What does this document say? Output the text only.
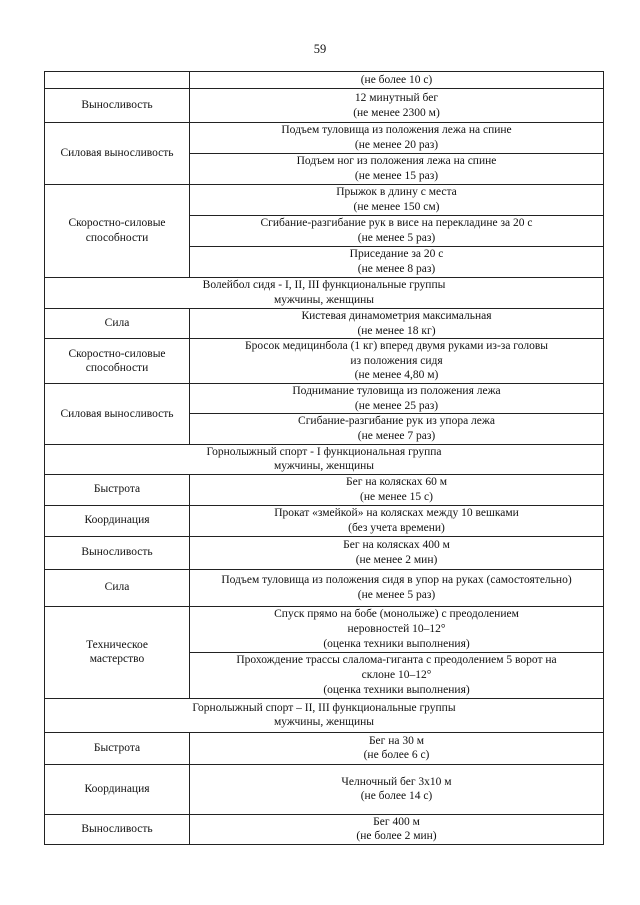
59

	(не более 10 с)

Выносливость	12 минутный бег
(не менее 2300 м)

Силовая выносливость	Подъем туловища из положения лежа на спине
(не менее 20 раз)

	Подъем ног из положения лежа на спине
(не менее 15 раз)

Скоростно-силовые
способности	Прыжок в длину с места
(не менее 150 см)

	Сгибание-разгибание рук в висе на перекладине за 20 с
(не менее 5 раз)

	Приседание за 20 с
(не менее 8 раз)

Волейбол сидя - I, II, III функциональные группы
мужчины, женщины	

Сила	Кистевая динамометрия максимальная
(не менее 18 кг)

Скоростно-силовые
способности	Бросок медицинбола (1 кг) вперед двумя руками из-за головы
из положения сидя
(не менее 4,80 м)

Силовая выносливость	Поднимание туловища из положения лежа
(не менее 25 раз)

	Сгибание-разгибание рук из упора лежа
(не менее 7 раз)

Горнолыжный спорт - I функциональная группа
мужчины, женщины	

Быстрота	Бег на колясках 60 м
(не менее 15 с)

Координация	Прокат «змейкой» на колясках между 10 вешками
(без учета времени)

Выносливость	Бег на колясках 400 м
(не менее 2 мин)

Сила	Подъем туловища из положения сидя в упор на руках (самостоятельно)
(не менее 5 раз)

Техническое
мастерство	Спуск прямо на бобе (монолыже) с преодолением
неровностей 10–12°
(оценка техники выполнения)

	Прохождение трассы слалома-гиганта с преодолением 5 ворот на
склоне 10–12°
(оценка техники выполнения)

Горнолыжный спорт – II, III функциональные группы
мужчины, женщины	

Быстрота	Бег на 30 м
(не более 6 с)

Координация	Челночный бег 3х10 м
(не более 14 с)

Выносливость	Бег 400 м
(не более 2 мин)
